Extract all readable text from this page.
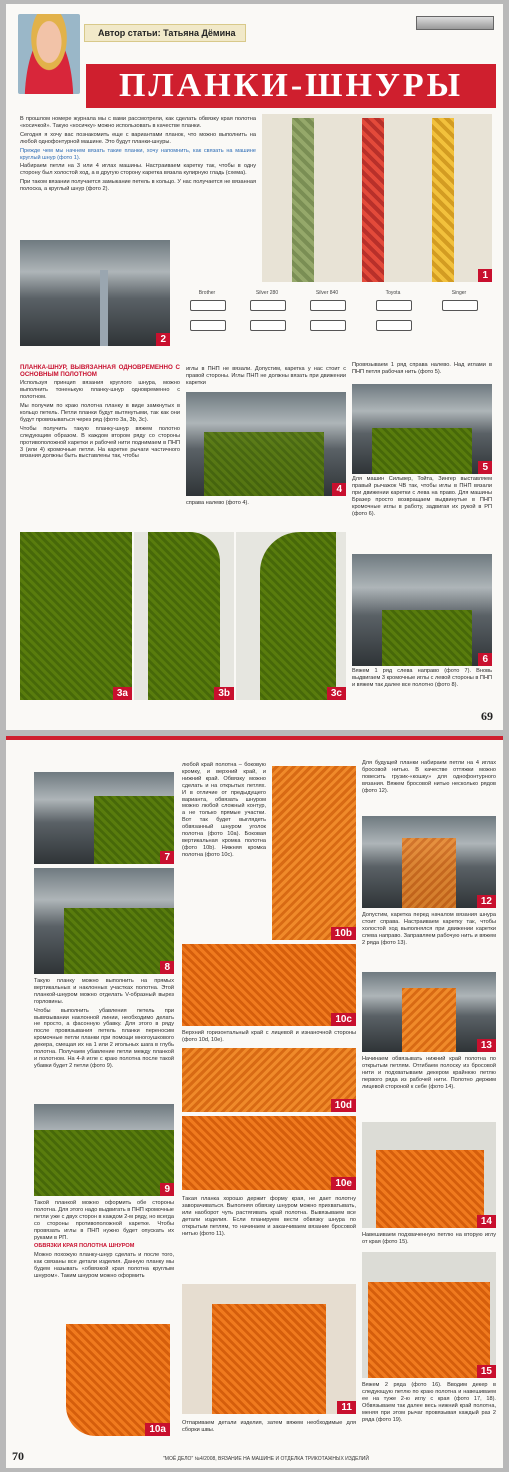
Автор статьи: Татьяна Дёмина
ПЛАНКИ-ШНУРЫ

В прошлом номере журнала мы с вами рассмотрели, как сделать обвязку края полотна «косичкой». Такую «косичку» можно использовать в качестве планки.

Сегодня я хочу вас познакомить еще с вариантами планок, что можно выполнить на любой однофонтурной машине. Это будут планки-шнуры.

Прежде чем мы начнем вязать такие планки, хочу напомнить, как связать на машине круглый шнур (фото 1).

Набираем петли на 3 или 4 иглах машины. Настраиваем каретку так, чтобы в одну сторону был холостой ход, а в другую сторону каретка вязала кулирную гладь (схема).

При таком вязании получается замыкание петель в кольцо. У нас получается не вязанная полоска, а круглый шнур (фото 2).

1
2
Brother	Silver 280	Silver 840	Toyota	Singer

ПЛАНКА-ШНУР, ВЫВЯЗАННАЯ ОДНОВРЕМЕННО С ОСНОВНЫМ ПОЛОТНОМ

Используя принцип вязания круглого шнура, можно выполнить тоненькую планку-шнур одновременно с полотном.

Мы получим по краю полотна планку в виде замкнутых в кольцо петель. Петли планки будут вытянутыми, так как они будут провязываться через ряд (фото 3а, 3b, 3с).

Чтобы получить такую планку-шнур вяжем полотно следующим образом. В каждом втором ряду со стороны противоположной каретки и рабочей нити поднимаем в ПНП 3 (или 4) кромочные петли. На каретке рычаги частичного вязания должны быть выставлены так, чтобы

иглы в ПНП не вязали. Допустим, каретка у нас стоит с правой стороны. Иглы ПНП не должны вязать при движении каретки
4
справа налево (фото 4).
Провязываем 1 ряд справа налево. Над иглами в ПНП петля рабочая нить (фото 5).
5
Для машин Сильвер, Тойта, Зингер выставляем правый рычажок ЧВ так, чтобы иглы в ПНП вязали при движении каретки с лева на право. Для машины Бразер просто возвращаем выдвинутые в ПНП кромочные иглы в работу, задвигая их рукой в РП (фото 6).
6
Вяжем 1 ряд слева направо (фото 7). Вновь выдвигаем 3 кромочные иглы с левой стороны в ПНП и вяжем так далее все полотно (фото 8).
3a	3b	3c
69
7
8

Такую планку можно выполнить на прямых вертикальных и наклонных участках полотна. Этой планкой-шнуром можно отделать V-образный вырез горловины.

Чтобы выполнить убавления петель при вывязывании наклонной линии, необходимо делать не просто, а фасонную убавку. Для этого в ряду после провязывания петель планки переносим кромочные петли планки при помощи многоушкового декера, смещая их на 1 или 2 игольных шага в глубь полотна. Получаем убавление петли между планкой и полотном. На 4-й игле с краю полотна после такой убавки будет 2 петли (фото 9).

9

Такой планкой можно оформить обе стороны полотна. Для этого надо выдвигать в ПНП кромочные петли уже с двух сторон в каждом 2-м ряду, но всегда со стороны противоположной каретке. Чтобы провязать иглы в ПНП нужно будет опускать их руками в РП.

ОБВЯЗКИ КРАЯ ПОЛОТНА ШНУРОМ

Можно похожую планку-шнур сделать и после того, как связаны все детали изделия. Данную планку мы будем называть «обвязкой края полотна круглым шнуром». Таким шнуром можно оформить

10a
любой край полотна – боковую кромку, и верхний край, и нижний край. Обвязку можно сделать и на открытых петлях. И в отличие от предыдущего варианта, обвязать шнуром можно любой сложный контур, а не только прямые участки. Вот так будет выглядеть обвязанный шнуром уголок полотна (фото 10а). Боковая вертикальная кромка полотна (фото 10b). Нижняя кромка полотна (фото 10с).
10b
10c
Верхний горизонтальный край с лицевой и изнаночной стороны (фото 10d, 10e).
10d
10e
Такая планка хорошо держит форму края, не дает полотну заворачиваться. Выполняя обвязку шнуром можно прихватывать, или наоборот чуть растягивать край полотна. Вывязываем все детали изделия. Если планируем вести обвязку шнура по открытым петлям, то начинаем и заканчиваем вязание бросовой нитью (фото 11).
11
Отпариваем детали изделия, затем вяжем необходимые для сборки швы.
Для будущей планки набираем петли на 4 иглах бросовой нитью. В качестве оттяжки можно повесить грузик-«кошку» для однофонтурного вязания. Вяжем бросовой нитью несколько рядов (фото 12).
12
Допустим, каретка перед началом вязания шнура стоит справа. Настраиваем каретку так, чтобы холостой ход выполнялся при движении каретки слева направо. Заправляем рабочую нить и вяжем 2 ряда (фото 13).
13
Начинаем обвязывать нижний край полотна по открытым петлям. Отгибаем полоску из бросовой нити и подхватываем декером крайнюю петлю первого ряда из рабочей нити. Полотно держим лицевой стороной к себе (фото 14).
14
Навешиваем подхваченную петлю на вторую иглу от края (фото 15).
15
Вяжем 2 ряда (фото 16). Вводим декер в следующую петлю по краю полотна и навешиваем ее на туже 2-ю иглу с края (фото 17, 18). Обвязываем так далее весь нижний край полотна, меняя при этом рычаг провязывая каждый раз 2 ряда (фото 19).
70	"МОЁ ДЕЛО" №4/2008, ВЯЗАНИЕ НА МАШИНЕ И ОТДЕЛКА ТРИКОТАЖНЫХ ИЗДЕЛИЙ
